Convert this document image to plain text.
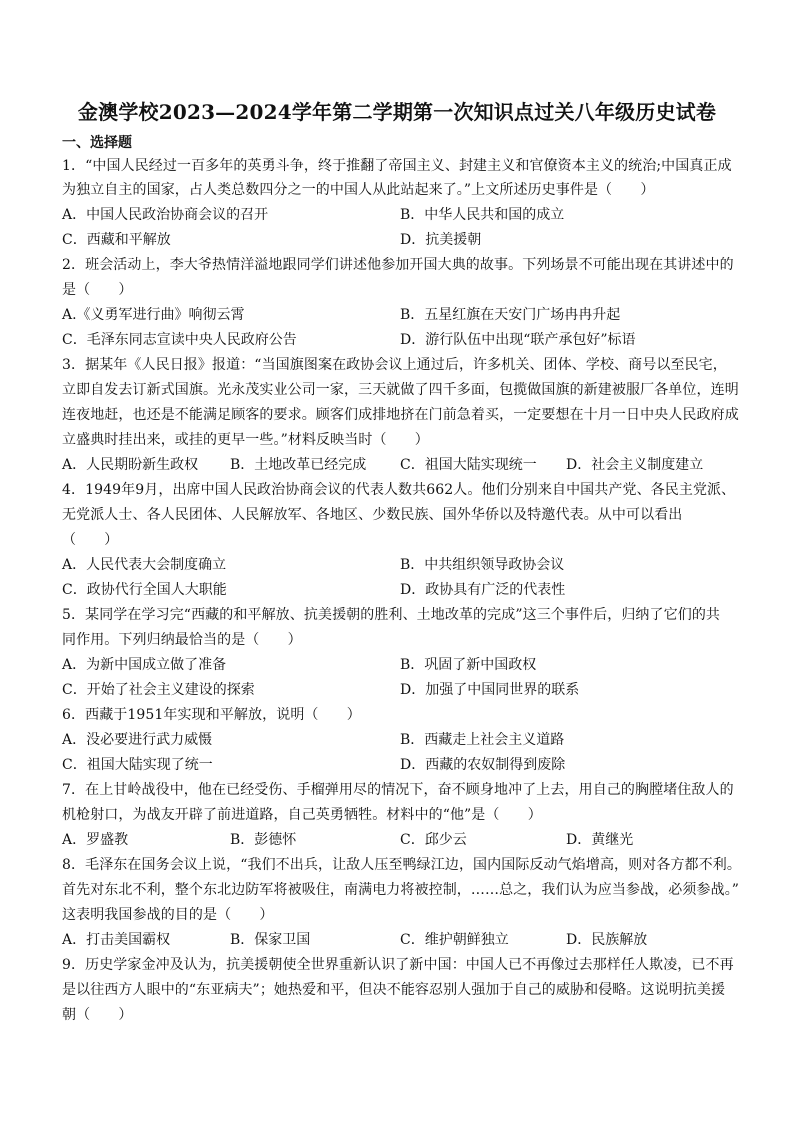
金澳学校2023—2024学年第二学期第一次知识点过关八年级历史试卷
一、选择题
1．“中国人民经过一百多年的英勇斗争，终于推翻了帝国主义、封建主义和官僚资本主义的统治;中国真正成
为独立自主的国家，占人类总数四分之一的中国人从此站起来了。”上文所述历史事件是（　　）
A．中国人民政治协商会议的召开	B．中华人民共和国的成立
C．西藏和平解放	D．抗美援朝
2．班会活动上，李大爷热情洋溢地跟同学们讲述他参加开国大典的故事。下列场景不可能出现在其讲述中的
是（　　）
A.《义勇军进行曲》响彻云霄	B．五星红旗在天安门广场冉冉升起
C．毛泽东同志宣读中央人民政府公告	D．游行队伍中出现“联产承包好”标语
3．据某年《人民日报》报道：“当国旗图案在政协会议上通过后，许多机关、团体、学校、商号以至民宅，
立即自发去订新式国旗。光永茂实业公司一家，三天就做了四千多面，包揽做国旗的新建被服厂各单位，连明
连夜地赶，也还是不能满足顾客的要求。顾客们成排地挤在门前急着买，一定要想在十月一日中央人民政府成
立盛典时挂出来，或挂的更早一些。”材料反映当时（　　）
A．人民期盼新生政权 B．土地改革已经完成 C．祖国大陆实现统一 D．社会主义制度建立
4．1949年9月，出席中国人民政治协商会议的代表人数共662人。他们分别来自中国共产党、各民主党派、
无党派人士、各人民团体、人民解放军、各地区、少数民族、国外华侨以及特邀代表。从中可以看出
（　　）
A．人民代表大会制度确立	B．中共组织领导政协会议
C．政协代行全国人大职能	D．政协具有广泛的代表性
5．某同学在学习完“西藏的和平解放、抗美援朝的胜利、土地改革的完成”这三个事件后，归纳了它们的共
同作用。下列归纳最恰当的是（　　）
A．为新中国成立做了准备	B．巩固了新中国政权
C．开始了社会主义建设的探索	D．加强了中国同世界的联系
6．西藏于1951年实现和平解放，说明（　　）
A．没必要进行武力威慑	B．西藏走上社会主义道路
C．祖国大陆实现了统一	D．西藏的农奴制得到废除
7．在上甘岭战役中，他在已经受伤、手榴弹用尽的情况下，奋不顾身地冲了上去，用自己的胸膛堵住敌人的
机枪射口，为战友开辟了前进道路，自己英勇牺牲。材料中的“他”是（　　）
A．罗盛教	B．彭德怀	C．邱少云	D．黄继光
8．毛泽东在国务会议上说，“我们不出兵，让敌人压至鸭绿江边，国内国际反动气焰增高，则对各方都不利。
首先对东北不利，整个东北边防军将被吸住，南满电力将被控制，……总之，我们认为应当参战，必须参战。”
这表明我国参战的目的是（　　）
A．打击美国霸权	B．保家卫国	C．维护朝鲜独立	D．民族解放
9．历史学家金冲及认为，抗美援朝使全世界重新认识了新中国：中国人已不再像过去那样任人欺凌，已不再
是以往西方人眼中的“东亚病夫”；她热爱和平，但决不能容忍别人强加于自己的威胁和侵略。这说明抗美援
朝（　　）
